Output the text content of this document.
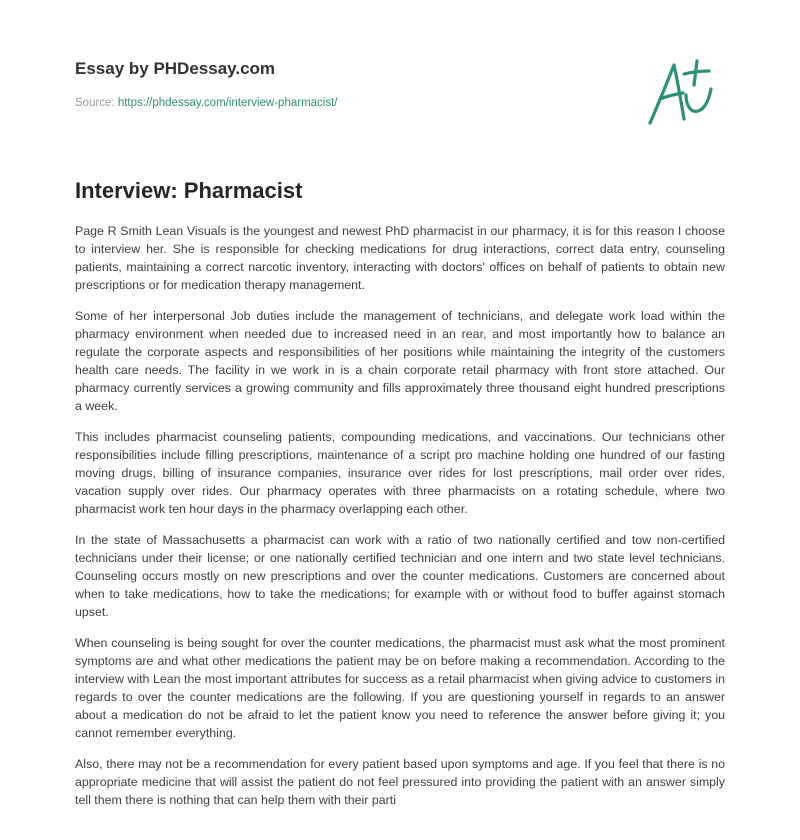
Essay by PHDessay.com

Source: https://phdessay.com/interview-pharmacist/
Interview: Pharmacist

Page R Smith Lean Visuals is the youngest and newest PhD pharmacist in our pharmacy, it is for this reason I choose to interview her. She is responsible for checking medications for drug interactions, correct data entry, counseling patients, maintaining a correct narcotic inventory, interacting with doctors' offices on behalf of patients to obtain new prescriptions or for medication therapy management.

Some of her interpersonal Job duties include the management of technicians, and delegate work load within the pharmacy environment when needed due to increased need in an rear, and most importantly how to balance an regulate the corporate aspects and responsibilities of her positions while maintaining the integrity of the customers health care needs. The facility in we work in is a chain corporate retail pharmacy with front store attached. Our pharmacy currently services a growing community and fills approximately three thousand eight hundred prescriptions a week.

This includes pharmacist counseling patients, compounding medications, and vaccinations. Our technicians other responsibilities include filling prescriptions, maintenance of a script pro machine holding one hundred of our fasting moving drugs, billing of insurance companies, insurance over rides for lost prescriptions, mail order over rides, vacation supply over rides. Our pharmacy operates with three pharmacists on a rotating schedule, where two pharmacist work ten hour days in the pharmacy overlapping each other.

In the state of Massachusetts a pharmacist can work with a ratio of two nationally certified and tow non-certified technicians under their license; or one nationally certified technician and one intern and two state level technicians. Counseling occurs mostly on new prescriptions and over the counter medications. Customers are concerned about when to take medications, how to take the medications; for example with or without food to buffer against stomach upset.

When counseling is being sought for over the counter medications, the pharmacist must ask what the most prominent symptoms are and what other medications the patient may be on before making a recommendation. According to the interview with Lean the most important attributes for success as a retail pharmacist when giving advice to customers in regards to over the counter medications are the following. If you are questioning yourself in regards to an answer about a medication do not be afraid to let the patient know you need to reference the answer before giving it; you cannot remember everything.

Also, there may not be a recommendation for every patient based upon symptoms and age. If you feel that there is no appropriate medicine that will assist the patient do not feel pressured into providing the patient with an answer simply tell them there is nothing that can help them with their parti
